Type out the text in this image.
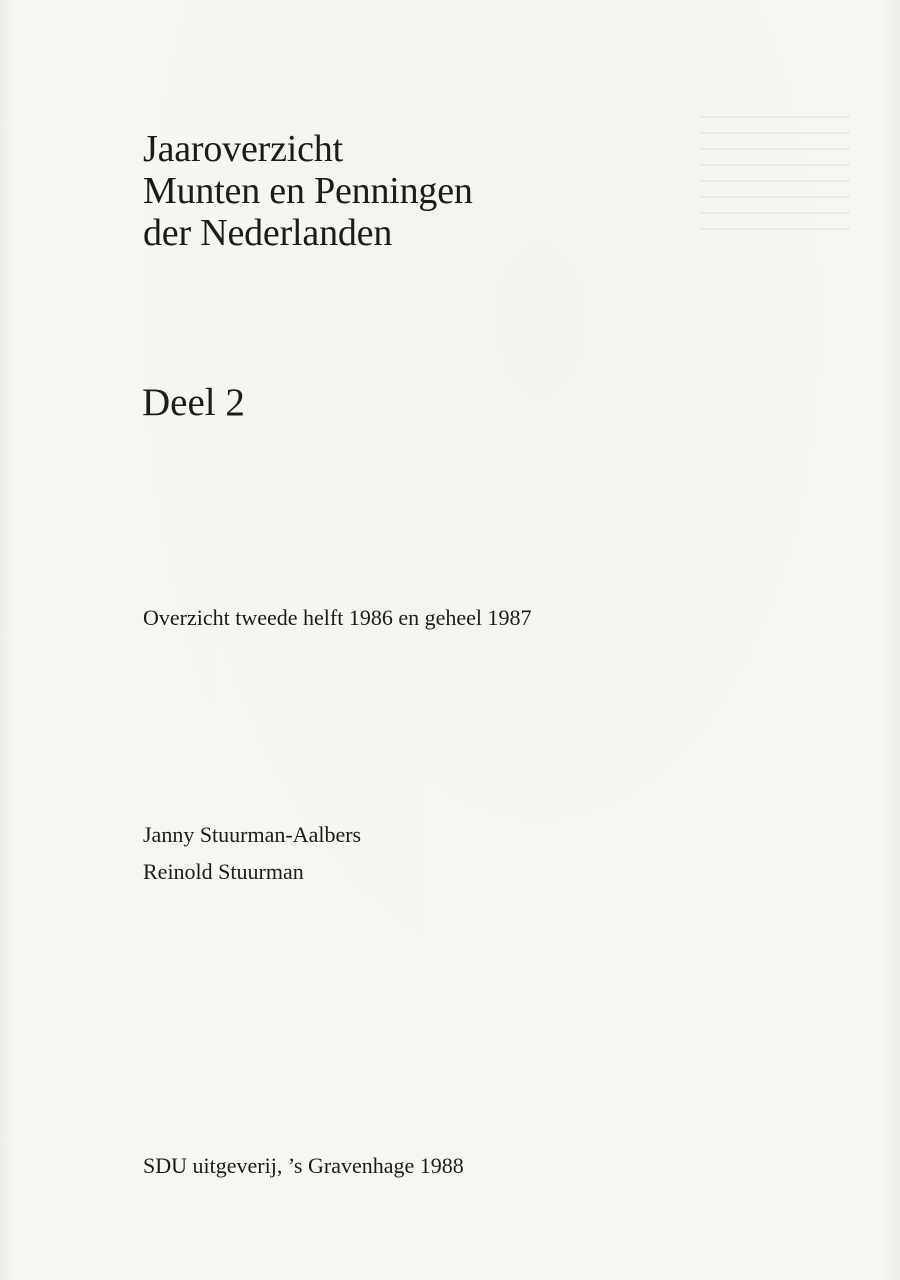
Jaaroverzicht
Munten en Penningen
der Nederlanden
Deel 2

Overzicht tweede helft 1986 en geheel 1987

Janny Stuurman-Aalbers
Reinold Stuurman

SDU uitgeverij, ’s Gravenhage 1988
